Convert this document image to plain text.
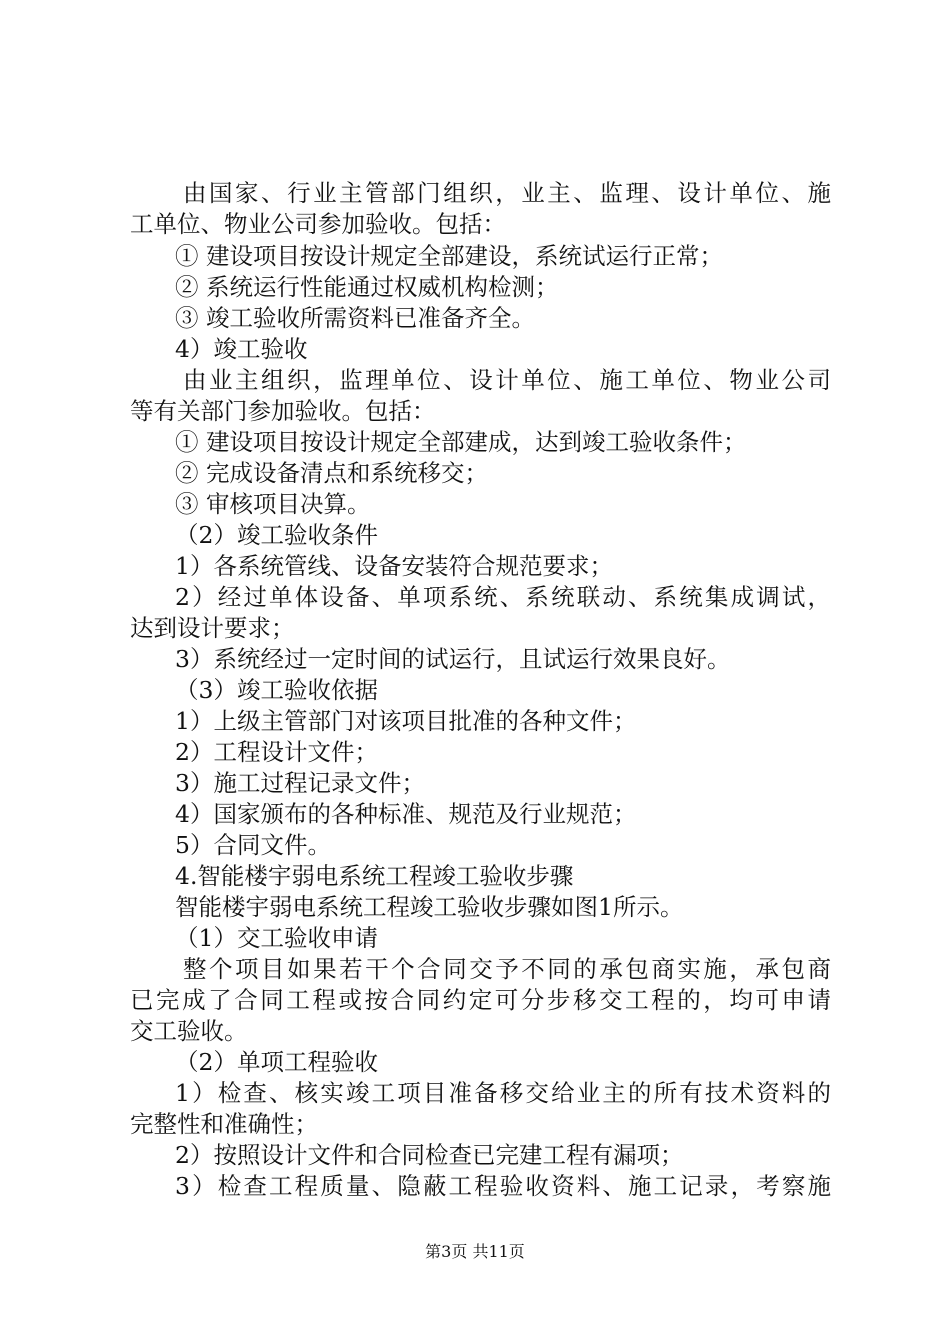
由国家、行业主管部门组织，业主、监理、设计单位、施
工单位、物业公司参加验收。包括：
① 建设项目按设计规定全部建设，系统试运行正常；
② 系统运行性能通过权威机构检测；
③ 竣工验收所需资料已准备齐全。
4）竣工验收
由业主组织，监理单位、设计单位、施工单位、物业公司
等有关部门参加验收。包括：
① 建设项目按设计规定全部建成，达到竣工验收条件；
② 完成设备清点和系统移交；
③ 审核项目决算。
（2）竣工验收条件
1）各系统管线、设备安装符合规范要求；
2）经过单体设备、单项系统、系统联动、系统集成调试，
达到设计要求；
3）系统经过一定时间的试运行，且试运行效果良好。
（3）竣工验收依据
1）上级主管部门对该项目批准的各种文件；
2）工程设计文件；
3）施工过程记录文件；
4）国家颁布的各种标准、规范及行业规范；
5）合同文件。
4.智能楼宇弱电系统工程竣工验收步骤
智能楼宇弱电系统工程竣工验收步骤如图1所示。
（1）交工验收申请
整个项目如果若干个合同交予不同的承包商实施，承包商
已完成了合同工程或按合同约定可分步移交工程的，均可申请
交工验收。
（2）单项工程验收
1）检查、核实竣工项目准备移交给业主的所有技术资料的
完整性和准确性；
2）按照设计文件和合同检查已完建工程有漏项；
3）检查工程质量、隐蔽工程验收资料、施工记录，考察施
第3页 共11页
